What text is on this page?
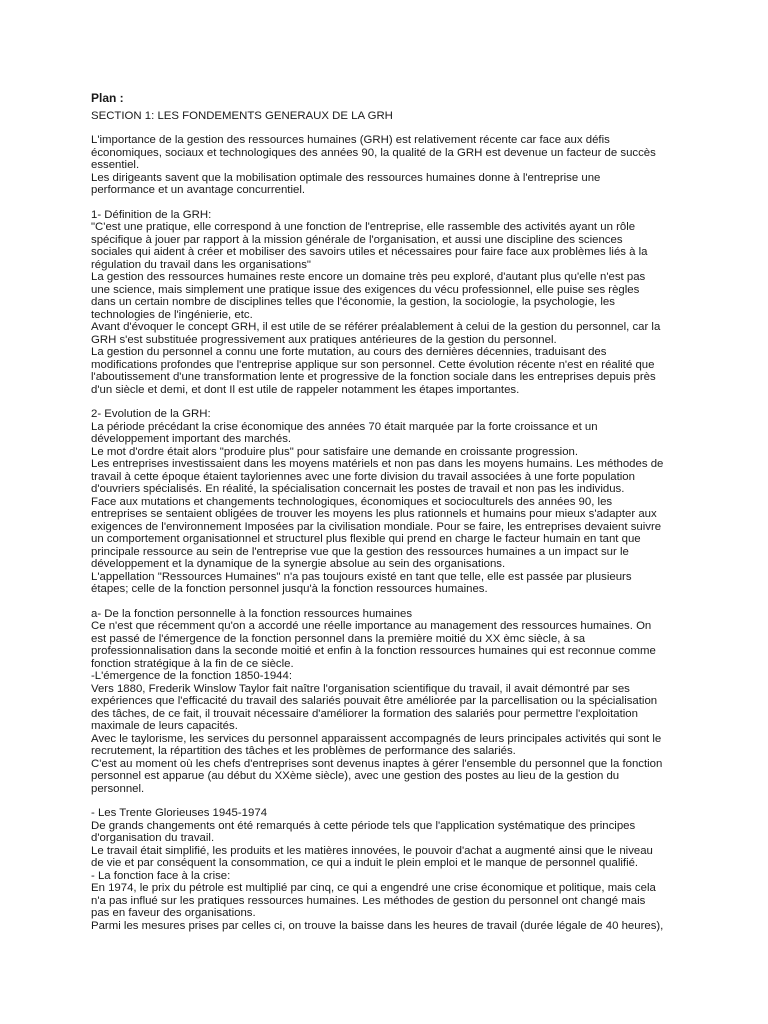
Plan :
SECTION 1: LES FONDEMENTS GENERAUX DE LA GRH

L'importance de la gestion des ressources humaines (GRH) est relativement récente car face aux défis
économiques, sociaux et technologiques des années 90, la qualité de la GRH est devenue un facteur de succès
essentiel.

Les dirigeants savent que la mobilisation optimale des ressources humaines donne à l'entreprise une
performance et un avantage concurrentiel.

1- Définition de la GRH:

"C'est une pratique, elle correspond à une fonction de l'entreprise, elle rassemble des activités ayant un rôle
spécifique à jouer par rapport à la mission générale de l'organisation, et aussi une discipline des sciences
sociales qui aident à créer et mobiliser des savoirs utiles et nécessaires pour faire face aux problèmes liés à la
régulation du travail dans les organisations"

La gestion des ressources humaines reste encore un domaine très peu exploré, d'autant plus qu'elle n'est pas
une science, mais simplement une pratique issue des exigences du vécu professionnel, elle puise ses règles
dans un certain nombre de disciplines telles que l'économie, la gestion, la sociologie, la psychologie, les
technologies de l'ingénierie, etc.

Avant d'évoquer le concept GRH, il est utile de se référer préalablement à celui de la gestion du personnel, car la
GRH s'est substituée progressivement aux pratiques antérieures de la gestion du personnel.

La gestion du personnel a connu une forte mutation, au cours des dernières décennies, traduisant des
modifications profondes que l'entreprise applique sur son personnel. Cette évolution récente n'est en réalité que
l'aboutissement d'une transformation lente et progressive de la fonction sociale dans les entreprises depuis près
d'un siècle et demi, et dont Il est utile de rappeler notamment les étapes importantes.

2- Evolution de la GRH:

La période précédant la crise économique des années 70 était marquée par la forte croissance et un
développement important des marchés.

Le mot d'ordre était alors "produire plus" pour satisfaire une demande en croissante progression.

Les entreprises investissaient dans les moyens matériels et non pas dans les moyens humains. Les méthodes de
travail à cette époque étaient tayloriennes avec une forte division du travail associées à une forte population
d'ouvriers spécialisés. En réalité, la spécialisation concernait les postes de travail et non pas les individus.

Face aux mutations et changements technologiques, économiques et socioculturels des années 90, les
entreprises se sentaient obligées de trouver les moyens les plus rationnels et humains pour mieux s'adapter aux
exigences de l'environnement Imposées par la civilisation mondiale. Pour se faire, les entreprises devaient suivre
un comportement organisationnel et structurel plus flexible qui prend en charge le facteur humain en tant que
principale ressource au sein de l'entreprise vue que la gestion des ressources humaines a un impact sur le
développement et la dynamique de la synergie absolue au sein des organisations.

L'appellation "Ressources Humaines" n'a pas toujours existé en tant que telle, elle est passée par plusieurs
étapes; celle de la fonction personnel jusqu'à la fonction ressources humaines.

a- De la fonction personnelle à la fonction ressources humaines

Ce n'est que récemment qu'on a accordé une réelle importance au management des ressources humaines. On
est passé de l'émergence de la fonction personnel dans la première moitié du XX èmc siècle, à sa
professionnalisation dans la seconde moitié et enfin à la fonction ressources humaines qui est reconnue comme
fonction stratégique à la fin de ce siècle.

-L'émergence de la fonction 1850-1944:

Vers 1880, Frederik Winslow Taylor fait naître l'organisation scientifique du travail, il avait démontré par ses
expériences que l'efficacité du travail des salariés pouvait être améliorée par la parcellisation ou la spécialisation
des tâches, de ce fait, il trouvait nécessaire d'améliorer la formation des salariés pour permettre l'exploitation
maximale de leurs capacités.

Avec le taylorisme, les services du personnel apparaissent accompagnés de leurs principales activités qui sont le
recrutement, la répartition des tâches et les problèmes de performance des salariés.

C'est au moment où les chefs d'entreprises sont devenus inaptes à gérer l'ensemble du personnel que la fonction
personnel est apparue (au début du XXème siècle), avec une gestion des postes au lieu de la gestion du
personnel.

- Les Trente Glorieuses 1945-1974

De grands changements ont été remarqués à cette période tels que l'application systématique des principes
d'organisation du travail.

Le travail était simplifié, les produits et les matières innovées, le pouvoir d'achat a augmenté ainsi que le niveau
de vie et par conséquent la consommation, ce qui a induit le plein emploi et le manque de personnel qualifié.

- La fonction face à la crise:

En 1974, le prix du pétrole est multiplié par cinq, ce qui a engendré une crise économique et politique, mais cela
n'a pas influé sur les pratiques ressources humaines. Les méthodes de gestion du personnel ont changé mais
pas en faveur des organisations.

Parmi les mesures prises par celles ci, on trouve la baisse dans les heures de travail (durée légale de 40 heures),
